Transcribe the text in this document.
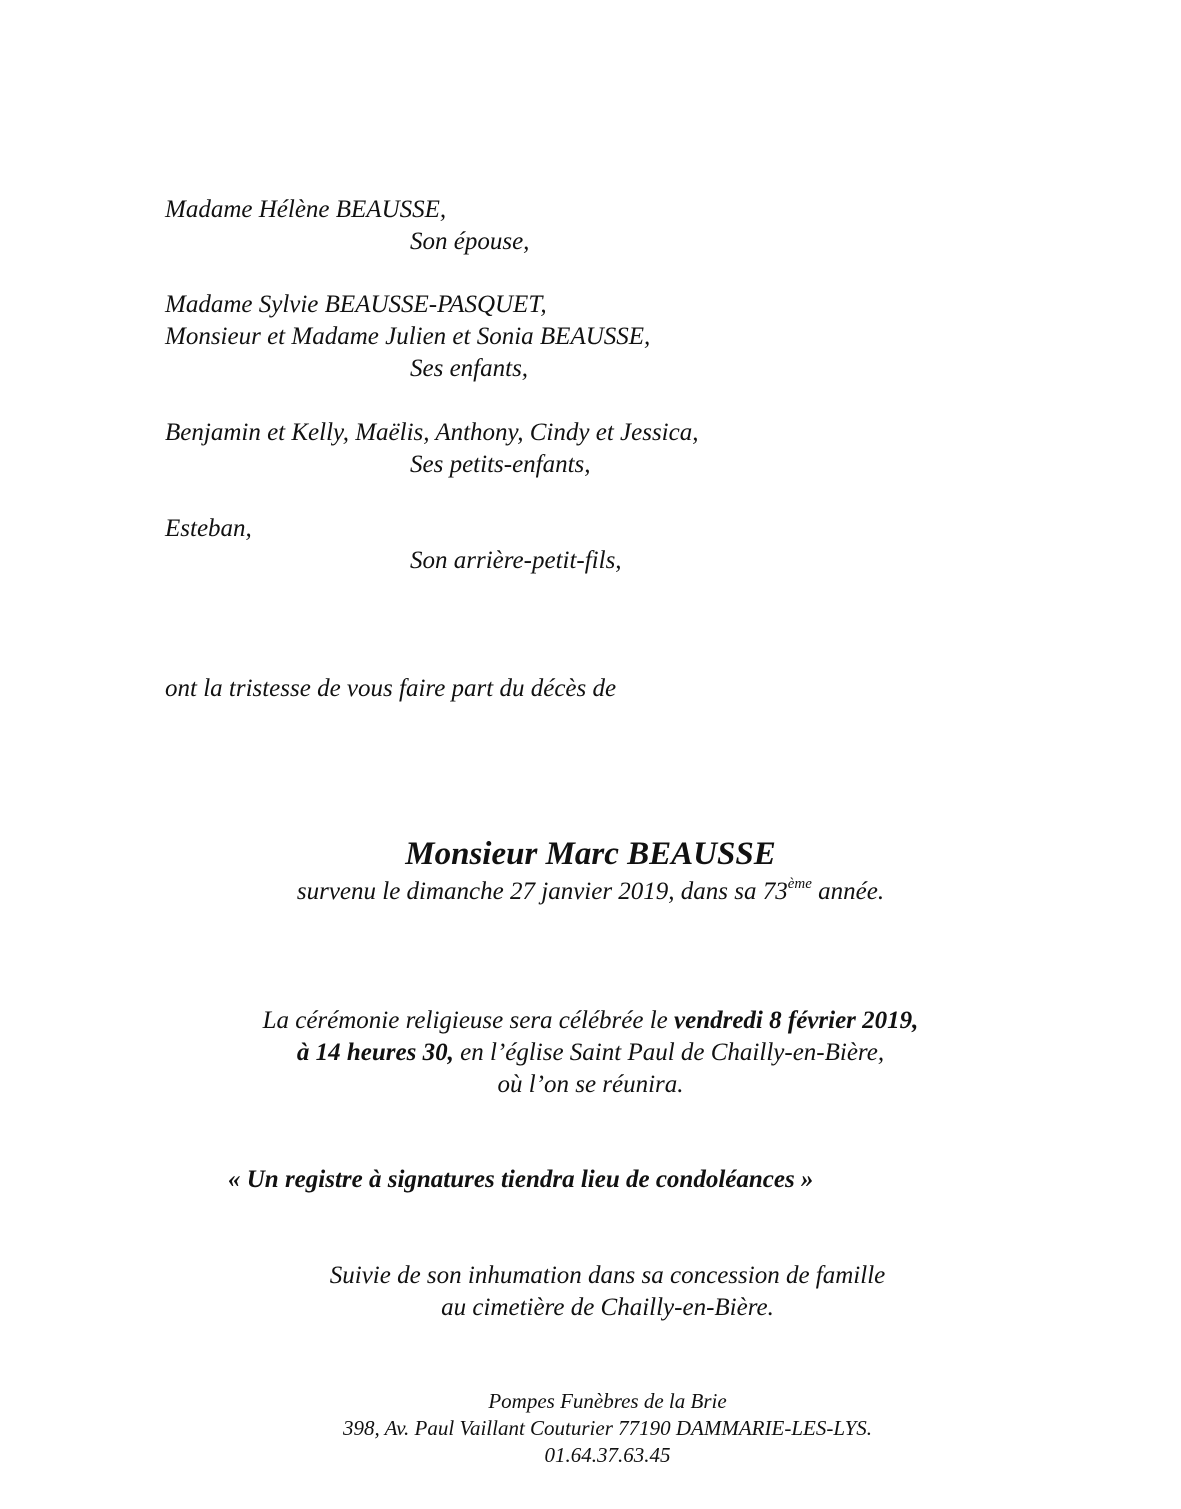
Madame Hélène BEAUSSE,
Son épouse,
Madame Sylvie BEAUSSE-PASQUET,
Monsieur et Madame Julien et Sonia BEAUSSE,
Ses enfants,
Benjamin et Kelly, Maëlis, Anthony, Cindy et Jessica,
Ses petits-enfants,
Esteban,
Son arrière-petit-fils,
ont la tristesse de vous faire part du décès de
Monsieur Marc BEAUSSE
survenu le dimanche 27 janvier 2019, dans sa 73ème année.
La cérémonie religieuse sera célébrée le vendredi 8 février 2019,
à 14 heures 30, en l’église Saint Paul de Chailly-en-Bière,
où l’on se réunira.
« Un registre à signatures tiendra lieu de condoléances »
Suivie de son inhumation dans sa concession de famille
au cimetière de Chailly-en-Bière.
Pompes Funèbres de la Brie
398, Av. Paul Vaillant Couturier 77190 DAMMARIE-LES-LYS.
01.64.37.63.45
